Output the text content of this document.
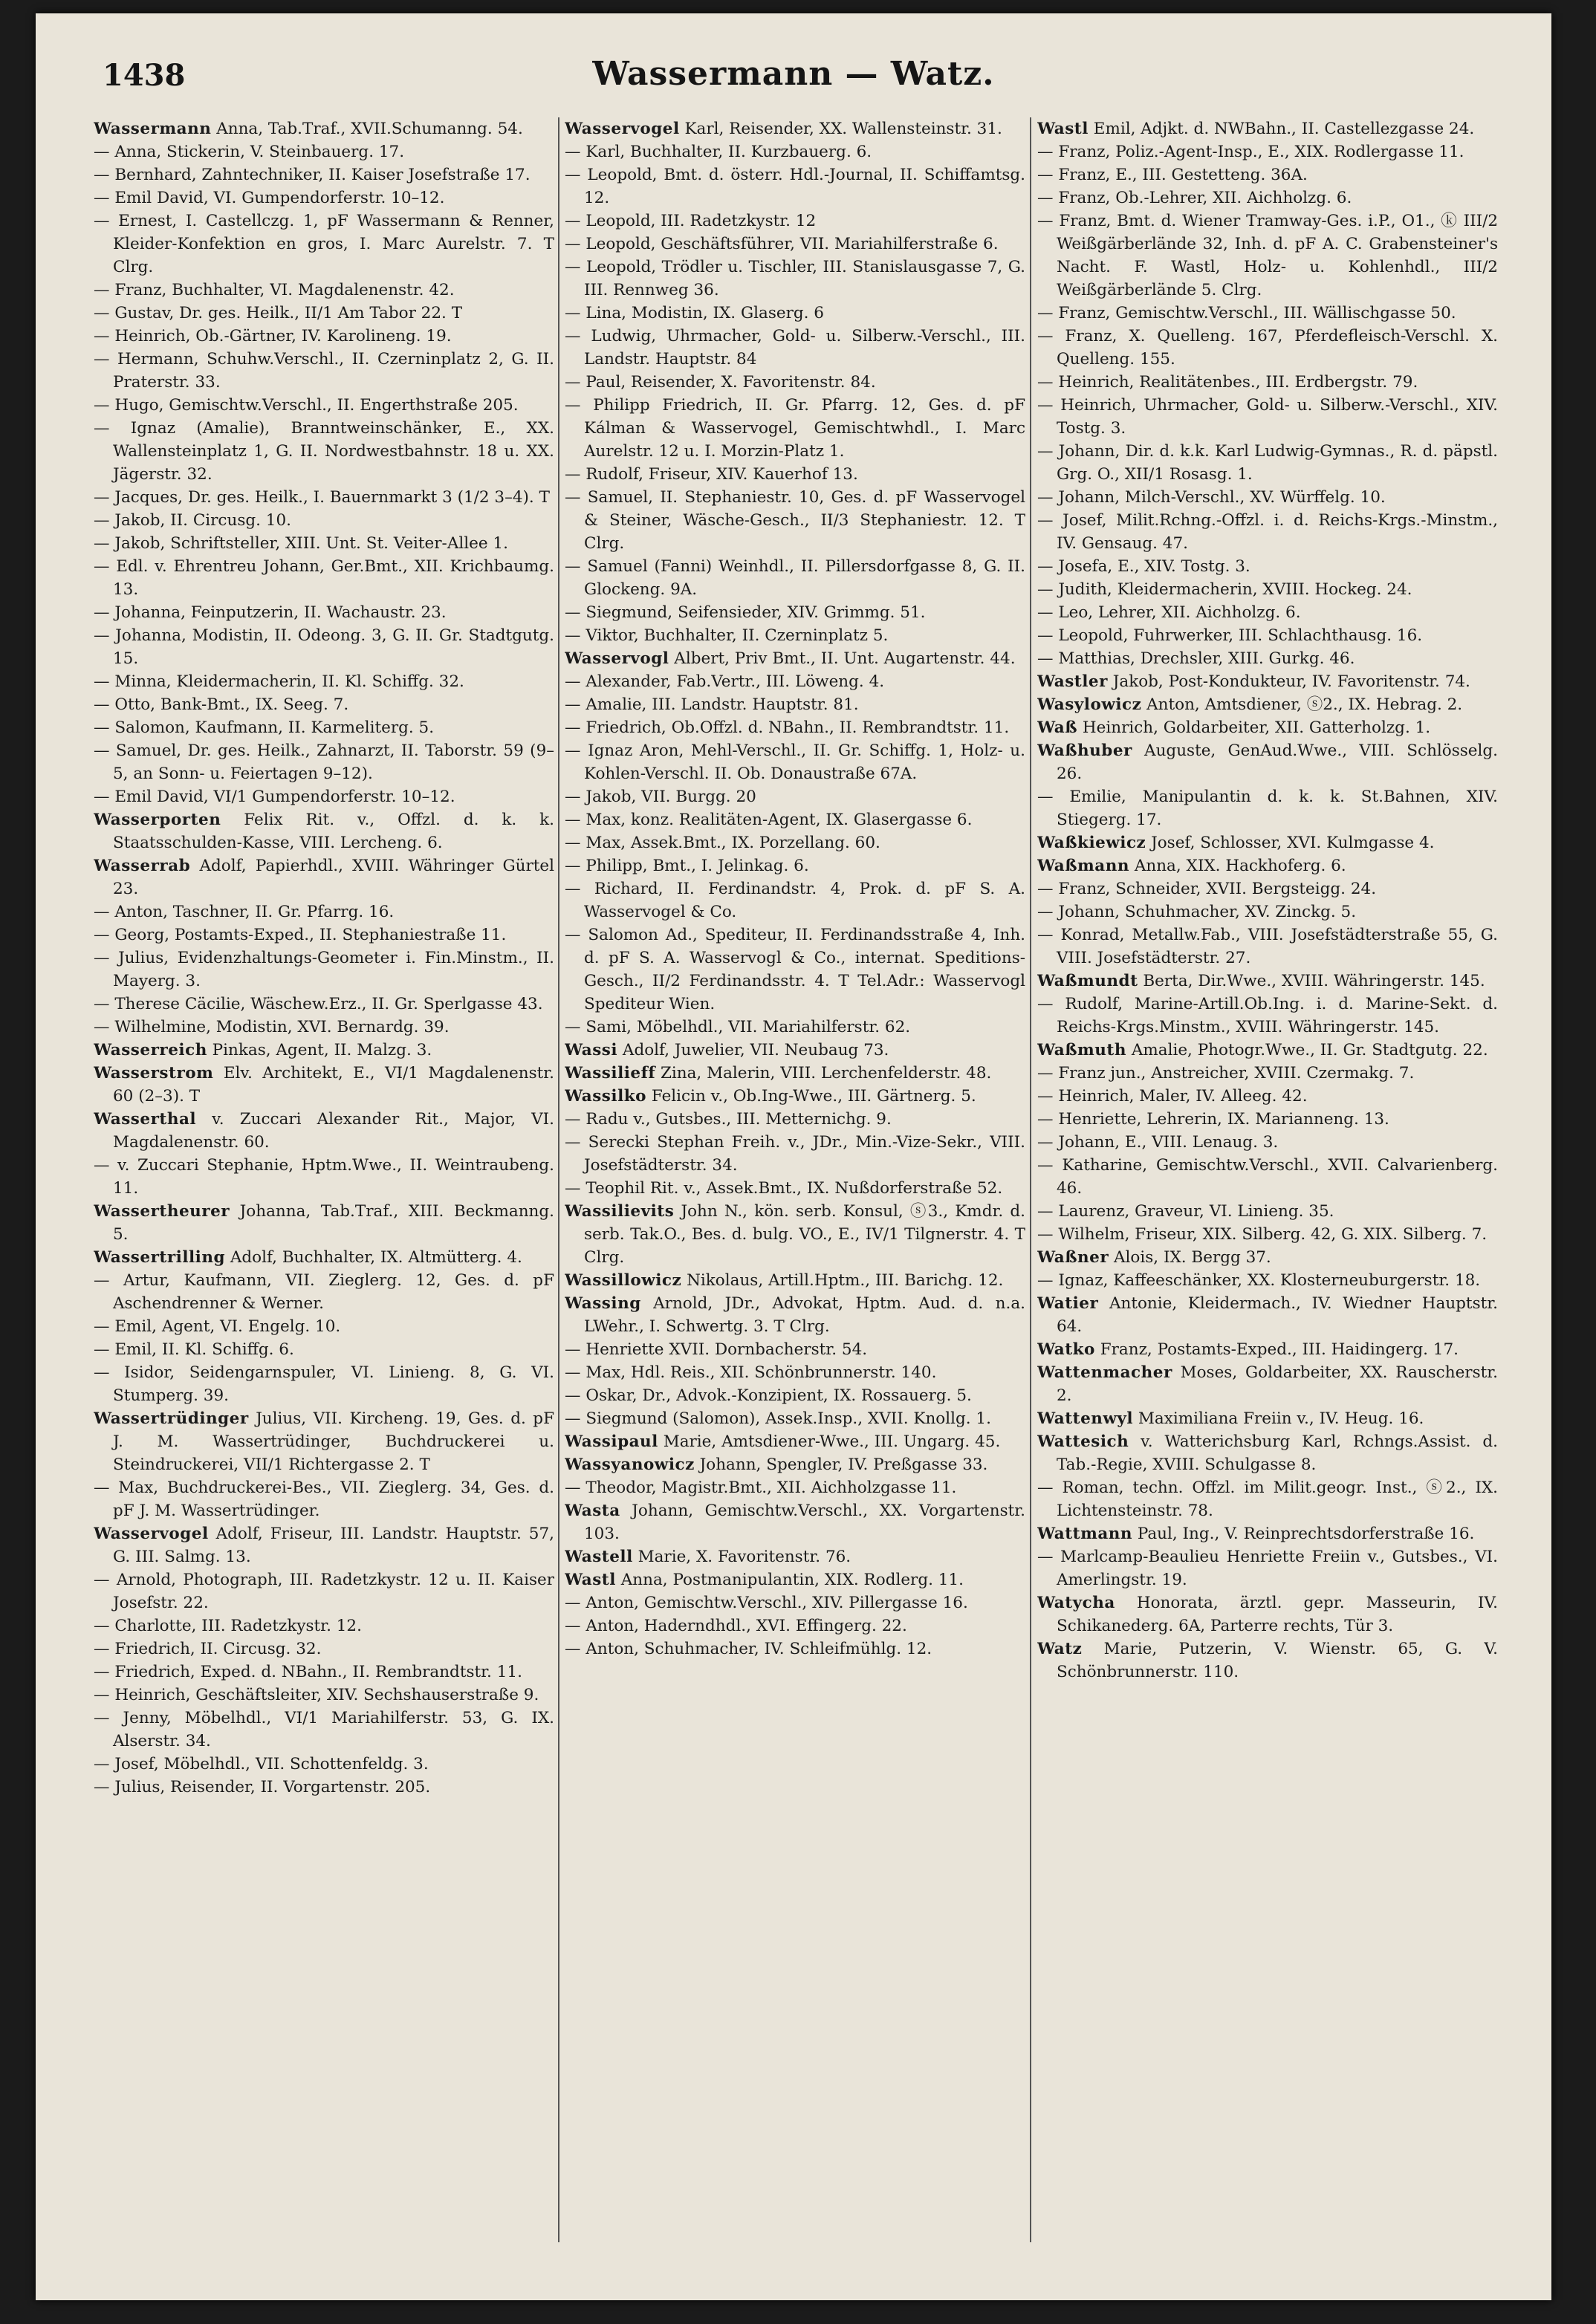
1438	Wassermann — Watz.

Wassermann Anna, Tab.Traf., XVII.Schumanng. 54.

— Anna, Stickerin, V. Steinbauerg. 17.

— Bernhard, Zahntechniker, II. Kaiser Josefstraße 17.

— Emil David, VI. Gumpendorferstr. 10–12.

— Ernest, I. Castellczg. 1, pF Wassermann & Renner, Kleider-Konfektion en gros, I. Marc Aurelstr. 7. T Clrg.

— Franz, Buchhalter, VI. Magdalenenstr. 42.

— Gustav, Dr. ges. Heilk., II/1 Am Tabor 22. T

— Heinrich, Ob.-Gärtner, IV. Karolineng. 19.

— Hermann, Schuhw.Verschl., II. Czerninplatz 2, G. II. Praterstr. 33.

— Hugo, Gemischtw.Verschl., II. Engerthstraße 205.

— Ignaz (Amalie), Branntweinschänker, E., XX. Wallensteinplatz 1, G. II. Nordwestbahnstr. 18 u. XX. Jägerstr. 32.

— Jacques, Dr. ges. Heilk., I. Bauernmarkt 3 (1/2 3–4). T

— Jakob, II. Circusg. 10.

— Jakob, Schriftsteller, XIII. Unt. St. Veiter-Allee 1.

— Edl. v. Ehrentreu Johann, Ger.Bmt., XII. Krichbaumg. 13.

— Johanna, Feinputzerin, II. Wachaustr. 23.

— Johanna, Modistin, II. Odeong. 3, G. II. Gr. Stadtgutg. 15.

— Minna, Kleidermacherin, II. Kl. Schiffg. 32.

— Otto, Bank-Bmt., IX. Seeg. 7.

— Salomon, Kaufmann, II. Karmeliterg. 5.

— Samuel, Dr. ges. Heilk., Zahnarzt, II. Taborstr. 59 (9–5, an Sonn- u. Feiertagen 9–12).

— Emil David, VI/1 Gumpendorferstr. 10–12.

Wasserporten Felix Rit. v., Offzl. d. k. k. Staatsschulden-Kasse, VIII. Lercheng. 6.

Wasserrab Adolf, Papierhdl., XVIII. Währinger Gürtel 23.

— Anton, Taschner, II. Gr. Pfarrg. 16.

— Georg, Postamts-Exped., II. Stephaniestraße 11.

— Julius, Evidenzhaltungs-Geometer i. Fin.Minstm., II. Mayerg. 3.

— Therese Cäcilie, Wäschew.Erz., II. Gr. Sperlgasse 43.

— Wilhelmine, Modistin, XVI. Bernardg. 39.

Wasserreich Pinkas, Agent, II. Malzg. 3.

Wasserstrom Elv. Architekt, E., VI/1 Magdalenenstr. 60 (2–3). T

Wasserthal v. Zuccari Alexander Rit., Major, VI. Magdalenenstr. 60.

— v. Zuccari Stephanie, Hptm.Wwe., II. Weintraubeng. 11.

Wassertheurer Johanna, Tab.Traf., XIII. Beckmanng. 5.

Wassertrilling Adolf, Buchhalter, IX. Altmütterg. 4.

— Artur, Kaufmann, VII. Zieglerg. 12, Ges. d. pF Aschendrenner & Werner.

— Emil, Agent, VI. Engelg. 10.

— Emil, II. Kl. Schiffg. 6.

— Isidor, Seidengarnspuler, VI. Linieng. 8, G. VI. Stumperg. 39.

Wassertrüdinger Julius, VII. Kircheng. 19, Ges. d. pF J. M. Wassertrüdinger, Buchdruckerei u. Steindruckerei, VII/1 Richtergasse 2. T

— Max, Buchdruckerei-Bes., VII. Zieglerg. 34, Ges. d. pF J. M. Wassertrüdinger.

Wasservogel Adolf, Friseur, III. Landstr. Hauptstr. 57, G. III. Salmg. 13.

— Arnold, Photograph, III. Radetzkystr. 12 u. II. Kaiser Josefstr. 22.

— Charlotte, III. Radetzkystr. 12.

— Friedrich, II. Circusg. 32.

— Friedrich, Exped. d. NBahn., II. Rembrandtstr. 11.

— Heinrich, Geschäftsleiter, XIV. Sechshauserstraße 9.

— Jenny, Möbelhdl., VI/1 Mariahilferstr. 53, G. IX. Alserstr. 34.

— Josef, Möbelhdl., VII. Schottenfeldg. 3.

— Julius, Reisender, II. Vorgartenstr. 205.

Wasservogel Karl, Reisender, XX. Wallensteinstr. 31.

— Karl, Buchhalter, II. Kurzbauerg. 6.

— Leopold, Bmt. d. österr. Hdl.-Journal, II. Schiffamtsg. 12.

— Leopold, III. Radetzkystr. 12

— Leopold, Geschäftsführer, VII. Mariahilferstraße 6.

— Leopold, Trödler u. Tischler, III. Stanislausgasse 7, G. III. Rennweg 36.

— Lina, Modistin, IX. Glaserg. 6

— Ludwig, Uhrmacher, Gold- u. Silberw.-Verschl., III. Landstr. Hauptstr. 84

— Paul, Reisender, X. Favoritenstr. 84.

— Philipp Friedrich, II. Gr. Pfarrg. 12, Ges. d. pF Kálman & Wasservogel, Gemischtwhdl., I. Marc Aurelstr. 12 u. I. Morzin-Platz 1.

— Rudolf, Friseur, XIV. Kauerhof 13.

— Samuel, II. Stephaniestr. 10, Ges. d. pF Wasservogel & Steiner, Wäsche-Gesch., II/3 Stephaniestr. 12. T Clrg.

— Samuel (Fanni) Weinhdl., II. Pillersdorfgasse 8, G. II. Glockeng. 9A.

— Siegmund, Seifensieder, XIV. Grimmg. 51.

— Viktor, Buchhalter, II. Czerninplatz 5.

Wasservogl Albert, Priv Bmt., II. Unt. Augartenstr. 44.

— Alexander, Fab.Vertr., III. Löweng. 4.

— Amalie, III. Landstr. Hauptstr. 81.

— Friedrich, Ob.Offzl. d. NBahn., II. Rembrandtstr. 11.

— Ignaz Aron, Mehl-Verschl., II. Gr. Schiffg. 1, Holz- u. Kohlen-Verschl. II. Ob. Donaustraße 67A.

— Jakob, VII. Burgg. 20

— Max, konz. Realitäten-Agent, IX. Glasergasse 6.

— Max, Assek.Bmt., IX. Porzellang. 60.

— Philipp, Bmt., I. Jelinkag. 6.

— Richard, II. Ferdinandstr. 4, Prok. d. pF S. A. Wasservogel & Co.

— Salomon Ad., Spediteur, II. Ferdinandsstraße 4, Inh. d. pF S. A. Wasservogl & Co., internat. Speditions-Gesch., II/2 Ferdinandsstr. 4. T Tel.Adr.: Wasservogl Spediteur Wien.

— Sami, Möbelhdl., VII. Mariahilferstr. 62.

Wassi Adolf, Juwelier, VII. Neubaug 73.

Wassilieff Zina, Malerin, VIII. Lerchenfelderstr. 48.

Wassilko Felicin v., Ob.Ing-Wwe., III. Gärtnerg. 5.

— Radu v., Gutsbes., III. Metternichg. 9.

— Serecki Stephan Freih. v., JDr., Min.-Vize-Sekr., VIII. Josefstädterstr. 34.

— Teophil Rit. v., Assek.Bmt., IX. Nußdorferstraße 52.

Wassilievits John N., kön. serb. Konsul, ⓢ3., Kmdr. d. serb. Tak.O., Bes. d. bulg. VO., E., IV/1 Tilgnerstr. 4. T Clrg.

Wassillowicz Nikolaus, Artill.Hptm., III. Barichg. 12.

Wassing Arnold, JDr., Advokat, Hptm. Aud. d. n.a. LWehr., I. Schwertg. 3. T Clrg.

— Henriette XVII. Dornbacherstr. 54.

— Max, Hdl. Reis., XII. Schönbrunnerstr. 140.

— Oskar, Dr., Advok.-Konzipient, IX. Rossauerg. 5.

— Siegmund (Salomon), Assek.Insp., XVII. Knollg. 1.

Wassipaul Marie, Amtsdiener-Wwe., III. Ungarg. 45.

Wassyanowicz Johann, Spengler, IV. Preßgasse 33.

— Theodor, Magistr.Bmt., XII. Aichholzgasse 11.

Wasta Johann, Gemischtw.Verschl., XX. Vorgartenstr. 103.

Wastell Marie, X. Favoritenstr. 76.

Wastl Anna, Postmanipulantin, XIX. Rodlerg. 11.

— Anton, Gemischtw.Verschl., XIV. Pillergasse 16.

— Anton, Haderndhdl., XVI. Effingerg. 22.

— Anton, Schuhmacher, IV. Schleifmühlg. 12.

Wastl Emil, Adjkt. d. NWBahn., II. Castellezgasse 24.

— Franz, Poliz.-Agent-Insp., E., XIX. Rodlergasse 11.

— Franz, E., III. Gestetteng. 36A.

— Franz, Ob.-Lehrer, XII. Aichholzg. 6.

— Franz, Bmt. d. Wiener Tramway-Ges. i.P., O1., ⓚ III/2 Weißgärberlände 32, Inh. d. pF A. C. Grabensteiner's Nacht. F. Wastl, Holz- u. Kohlenhdl., III/2 Weißgärberlände 5. Clrg.

— Franz, Gemischtw.Verschl., III. Wällischgasse 50.

— Franz, X. Quelleng. 167, Pferdefleisch-Verschl. X. Quelleng. 155.

— Heinrich, Realitätenbes., III. Erdbergstr. 79.

— Heinrich, Uhrmacher, Gold- u. Silberw.-Verschl., XIV. Tostg. 3.

— Johann, Dir. d. k.k. Karl Ludwig-Gymnas., R. d. päpstl. Grg. O., XII/1 Rosasg. 1.

— Johann, Milch-Verschl., XV. Würffelg. 10.

— Josef, Milit.Rchng.-Offzl. i. d. Reichs-Krgs.-Minstm., IV. Gensaug. 47.

— Josefa, E., XIV. Tostg. 3.

— Judith, Kleidermacherin, XVIII. Hockeg. 24.

— Leo, Lehrer, XII. Aichholzg. 6.

— Leopold, Fuhrwerker, III. Schlachthausg. 16.

— Matthias, Drechsler, XIII. Gurkg. 46.

Wastler Jakob, Post-Kondukteur, IV. Favoritenstr. 74.

Wasylowicz Anton, Amtsdiener, ⓢ2., IX. Hebrag. 2.

Waß Heinrich, Goldarbeiter, XII. Gatterholzg. 1.

Waßhuber Auguste, GenAud.Wwe., VIII. Schlösselg. 26.

— Emilie, Manipulantin d. k. k. St.Bahnen, XIV. Stiegerg. 17.

Waßkiewicz Josef, Schlosser, XVI. Kulmgasse 4.

Waßmann Anna, XIX. Hackhoferg. 6.

— Franz, Schneider, XVII. Bergsteigg. 24.

— Johann, Schuhmacher, XV. Zinckg. 5.

— Konrad, Metallw.Fab., VIII. Josefstädterstraße 55, G. VIII. Josefstädterstr. 27.

Waßmundt Berta, Dir.Wwe., XVIII. Währingerstr. 145.

— Rudolf, Marine-Artill.Ob.Ing. i. d. Marine-Sekt. d. Reichs-Krgs.Minstm., XVIII. Währingerstr. 145.

Waßmuth Amalie, Photogr.Wwe., II. Gr. Stadtgutg. 22.

— Franz jun., Anstreicher, XVIII. Czermakg. 7.

— Heinrich, Maler, IV. Alleeg. 42.

— Henriette, Lehrerin, IX. Marianneng. 13.

— Johann, E., VIII. Lenaug. 3.

— Katharine, Gemischtw.Verschl., XVII. Calvarienberg. 46.

— Laurenz, Graveur, VI. Linieng. 35.

— Wilhelm, Friseur, XIX. Silberg. 42, G. XIX. Silberg. 7.

Waßner Alois, IX. Bergg 37.

— Ignaz, Kaffeeschänker, XX. Klosterneuburgerstr. 18.

Watier Antonie, Kleidermach., IV. Wiedner Hauptstr. 64.

Watko Franz, Postamts-Exped., III. Haidingerg. 17.

Wattenmacher Moses, Goldarbeiter, XX. Rauscherstr. 2.

Wattenwyl Maximiliana Freiin v., IV. Heug. 16.

Wattesich v. Watterichsburg Karl, Rchngs.Assist. d. Tab.-Regie, XVIII. Schulgasse 8.

— Roman, techn. Offzl. im Milit.geogr. Inst., ⓢ2., IX. Lichtensteinstr. 78.

Wattmann Paul, Ing., V. Reinprechtsdorferstraße 16.

— Marlcamp-Beaulieu Henriette Freiin v., Gutsbes., VI. Amerlingstr. 19.

Watycha Honorata, ärztl. gepr. Masseurin, IV. Schikanederg. 6A, Parterre rechts, Tür 3.

Watz Marie, Putzerin, V. Wienstr. 65, G. V. Schönbrunnerstr. 110.
